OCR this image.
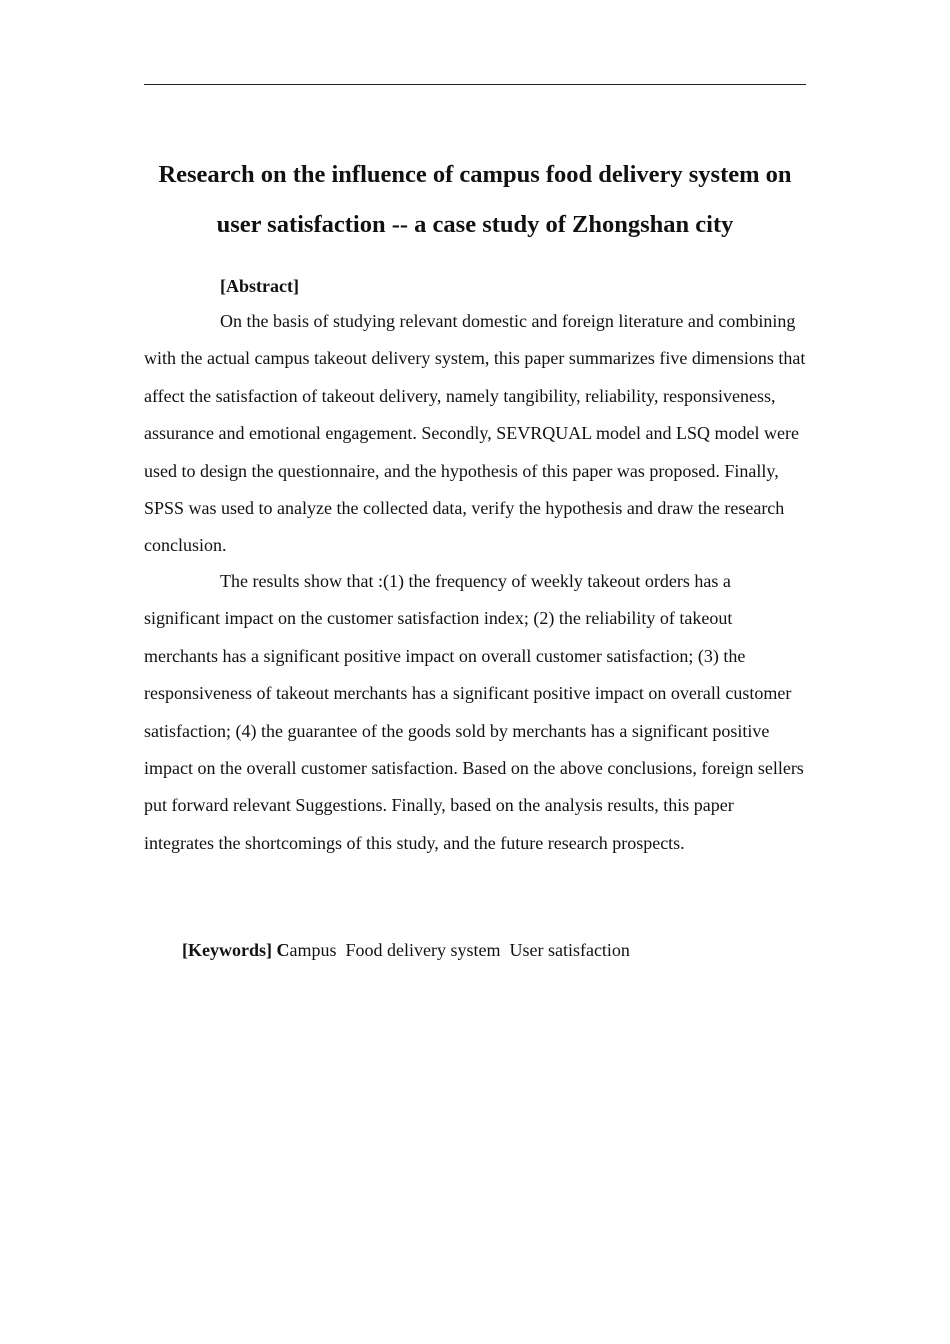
Research on the influence of campus food delivery system on
user satisfaction -- a case study of Zhongshan city

[Abstract]

On the basis of studying relevant domestic and foreign literature and combining with the actual campus takeout delivery system, this paper summarizes five dimensions that affect the satisfaction of takeout delivery, namely tangibility, reliability, responsiveness, assurance and emotional engagement. Secondly, SEVRQUAL model and LSQ model were used to design the questionnaire, and the hypothesis of this paper was proposed. Finally, SPSS was used to analyze the collected data, verify the hypothesis and draw the research conclusion.

The results show that :(1) the frequency of weekly takeout orders has a significant impact on the customer satisfaction index; (2) the reliability of takeout merchants has a significant positive impact on overall customer satisfaction; (3) the responsiveness of takeout merchants has a significant positive impact on overall customer satisfaction; (4) the guarantee of the goods sold by merchants has a significant positive impact on the overall customer satisfaction. Based on the above conclusions, foreign sellers put forward relevant Suggestions. Finally, based on the analysis results, this paper integrates the shortcomings of this study, and the future research prospects.

[Keywords] Campus  Food delivery system  User satisfaction
